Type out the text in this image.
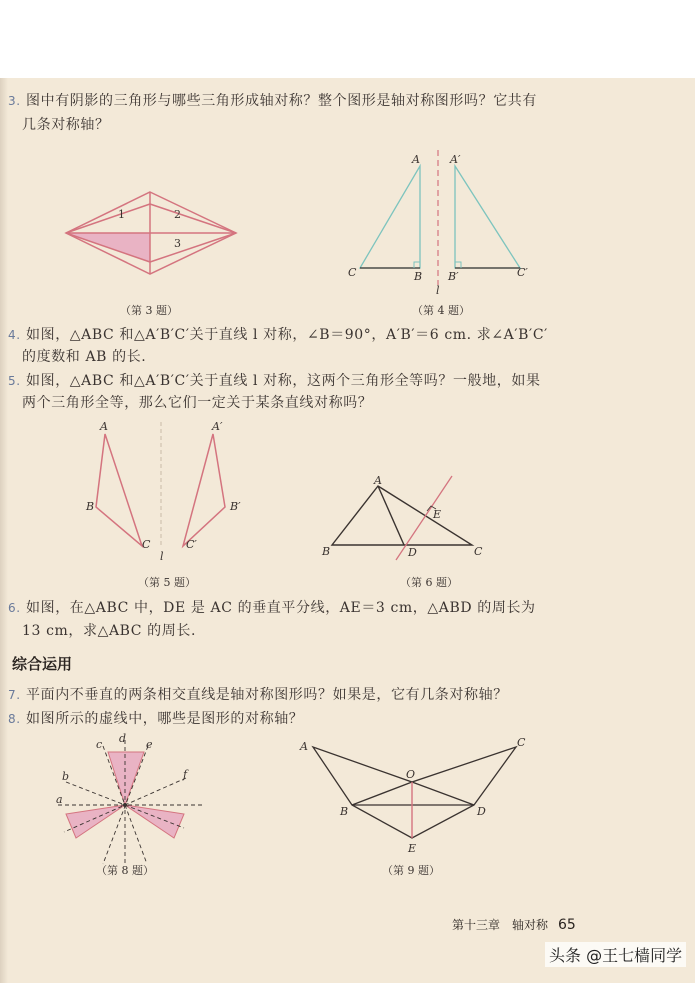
3. 图中有阴影的三角形与哪些三角形成轴对称？整个图形是轴对称图形吗？它共有
几条对称轴？
1	2
3
（第 3 题）
A	A′
C	B B′	C′
l
（第 4 题）
4. 如图，△ABC 和△A′B′C′关于直线 l 对称，∠B＝90°，A′B′＝6 cm. 求∠A′B′C′
的度数和 AB 的长.
5. 如图，△ABC 和△A′B′C′关于直线 l 对称，这两个三角形全等吗？一般地，如果
两个三角形全等，那么它们一定关于某条直线对称吗？
A
B
C
A′
B′
C′
l
（第 5 题）
A
B	C
D
E
（第 6 题）
6. 如图，在△ABC 中，DE 是 AC 的垂直平分线，AE＝3 cm，△ABD 的周长为
13 cm，求△ABC 的周长.
综合运用
7. 平面内不垂直的两条相交直线是轴对称图形吗？如果是，它有几条对称轴？
8. 如图所示的虚线中，哪些是图形的对称轴？
a
b
c d e
f
（第 8 题）
A	C
O
B	D
E
（第 9 题）
第十三章　轴对称 65
头条 @王七樯同学
